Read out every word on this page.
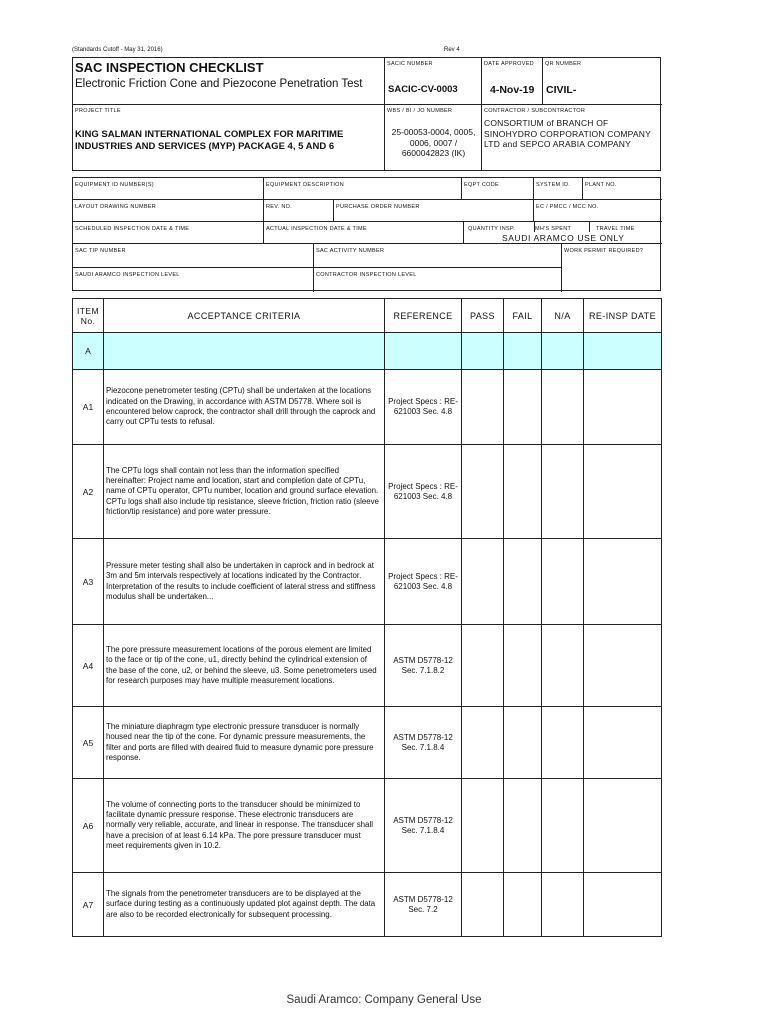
(Standards Cutoff - May 31, 2016)	Rev 4
SAC INSPECTION CHECKLIST
Electronic Friction Cone and Piezocone Penetration Test
SACIC NUMBER
SACIC-CV-0003
DATE APPROVED
4-Nov-19
QR NUMBER
CIVIL-
PROJECT TITLE
KING SALMAN INTERNATIONAL COMPLEX FOR MARITIME INDUSTRIES AND SERVICES (MYP) PACKAGE 4, 5 AND 6
WBS / BI / JO NUMBER
25-00053-0004, 0005, 0006, 0007 / 6600042823 (IK)
CONTRACTOR / SUBCONTRACTOR
CONSORTIUM of BRANCH OF SINOHYDRO CORPORATION COMPANY LTD and SEPCO ARABIA COMPANY
EQUIPMENT ID NUMBER(S)	EQUIPMENT DESCRIPTION	EQPT CODE	SYSTEM ID.	PLANT NO.
LAYOUT DRAWING NUMBER	REV. NO.	PURCHASE ORDER NUMBER	EC / PMCC / MCC NO.
SCHEDULED INSPECTION DATE & TIME	ACTUAL INSPECTION DATE & TIME	QUANTITY INSP.	MH'S SPENT	TRAVEL TIME
SAUDI ARAMCO USE ONLY
SAC TIP NUMBER	SAC ACTIVITY NUMBER	WORK PERMIT REQUIRED?
SAUDI ARAMCO INSPECTION LEVEL	CONTRACTOR INSPECTION LEVEL
ITEM No.	ACCEPTANCE CRITERIA	REFERENCE	PASS	FAIL	N/A	RE-INSP DATE
A						
A1	Piezocone penetrometer testing (CPTu) shall be undertaken at the locations indicated on the Drawing, in accordance with ASTM D5778. Where soil is encountered below caprock, the contractor shall drill through the caprock and carry out CPTu tests to refusal.	Project Specs : RE-621003 Sec. 4.8				
A2	The CPTu logs shall contain not less than the information specified hereinafter: Project name and location, start and completion date of CPTu, name of CPTu operator, CPTu number, location and ground surface elevation. CPTu logs shall also include tip resistance, sleeve friction, friction ratio (sleeve friction/tip resistance) and pore water pressure.	Project Specs : RE-621003 Sec. 4.8				
A3	Pressure meter testing shall also be undertaken in caprock and in bedrock at 3m and 5m intervals respectively at locations indicated by the Contractor. Interpretation of the results to include coefficient of lateral stress and stiffness modulus shall be undertaken...	Project Specs : RE-621003 Sec. 4.8				
A4	The pore pressure measurement locations of the porous element are limited to the face or tip of the cone, u1, directly behind the cylindrical extension of the base of the cone, u2, or behind the sleeve, u3. Some penetrometers used for research purposes may have multiple measurement locations.	ASTM D5778-12 Sec. 7.1.8.2				
A5	The miniature diaphragm type electronic pressure transducer is normally housed near the tip of the cone. For dynamic pressure measurements, the filter and ports are filled with deaired fluid to measure dynamic pore pressure response.	ASTM D5778-12 Sec. 7.1.8.4				
A6	The volume of connecting ports to the transducer should be minimized to facilitate dynamic pressure response. These electronic transducers are normally very reliable, accurate, and linear in response. The transducer shall have a precision of at least 6.14 kPa. The pore pressure transducer must meet requirements given in 10.2.	ASTM D5778-12 Sec. 7.1.8.4				
A7	The signals from the penetrometer transducers are to be displayed at the surface during testing as a continuously updated plot against depth. The data are also to be recorded electronically for subsequent processing.	ASTM D5778-12 Sec. 7.2				
Saudi Aramco: Company General Use
